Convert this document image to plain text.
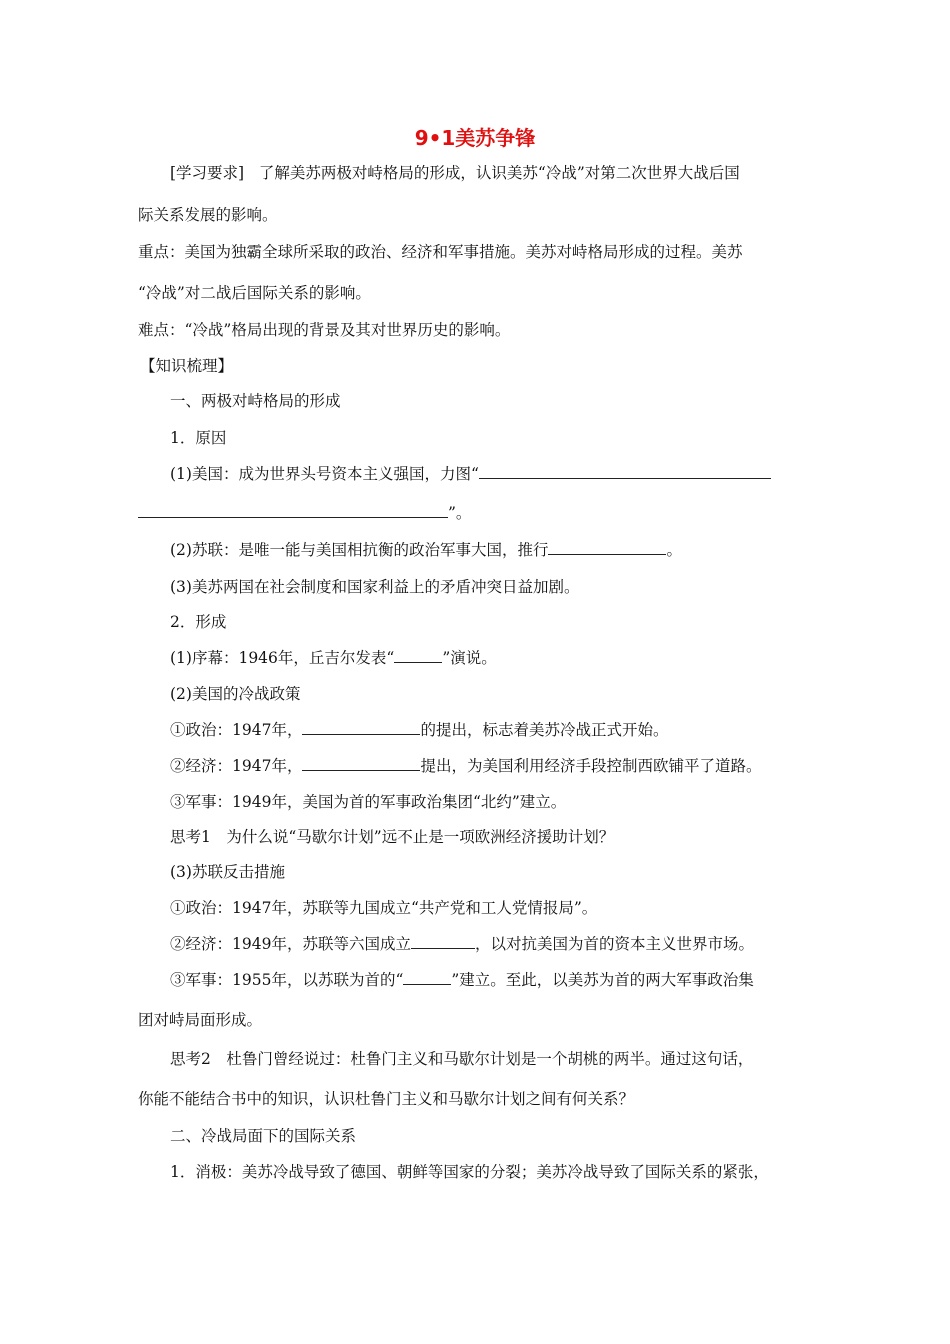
9•1美苏争锋
[学习要求] 了解美苏两极对峙格局的形成，认识美苏“冷战”对第二次世界大战后国
际关系发展的影响。
重点：美国为独霸全球所采取的政治、经济和军事措施。美苏对峙格局形成的过程。美苏
“冷战”对二战后国际关系的影响。
难点：“冷战”格局出现的背景及其对世界历史的影响。
【知识梳理】
一、两极对峙格局的形成
1．原因
(1)美国：成为世界头号资本主义强国，力图“
”。
(2)苏联：是唯一能与美国相抗衡的政治军事大国，推行	。
(3)美苏两国在社会制度和国家利益上的矛盾冲突日益加剧。
2．形成
(1)序幕：1946年，丘吉尔发表“	”演说。
(2)美国的冷战政策
①政治：1947年，	的提出，标志着美苏冷战正式开始。
②经济：1947年，	提出，为美国利用经济手段控制西欧铺平了道路。
③军事：1949年，美国为首的军事政治集团“北约”建立。
思考1　为什么说“马歇尔计划”远不止是一项欧洲经济援助计划？
(3)苏联反击措施
①政治：1947年，苏联等九国成立“共产党和工人党情报局”。
②经济：1949年，苏联等六国成立	，以对抗美国为首的资本主义世界市场。
③军事：1955年，以苏联为首的“	”建立。至此，以美苏为首的两大军事政治集
团对峙局面形成。
思考2　杜鲁门曾经说过：杜鲁门主义和马歇尔计划是一个胡桃的两半。通过这句话，
你能不能结合书中的知识，认识杜鲁门主义和马歇尔计划之间有何关系？
二、冷战局面下的国际关系
1．消极：美苏冷战导致了德国、朝鲜等国家的分裂；美苏冷战导致了国际关系的紧张，
